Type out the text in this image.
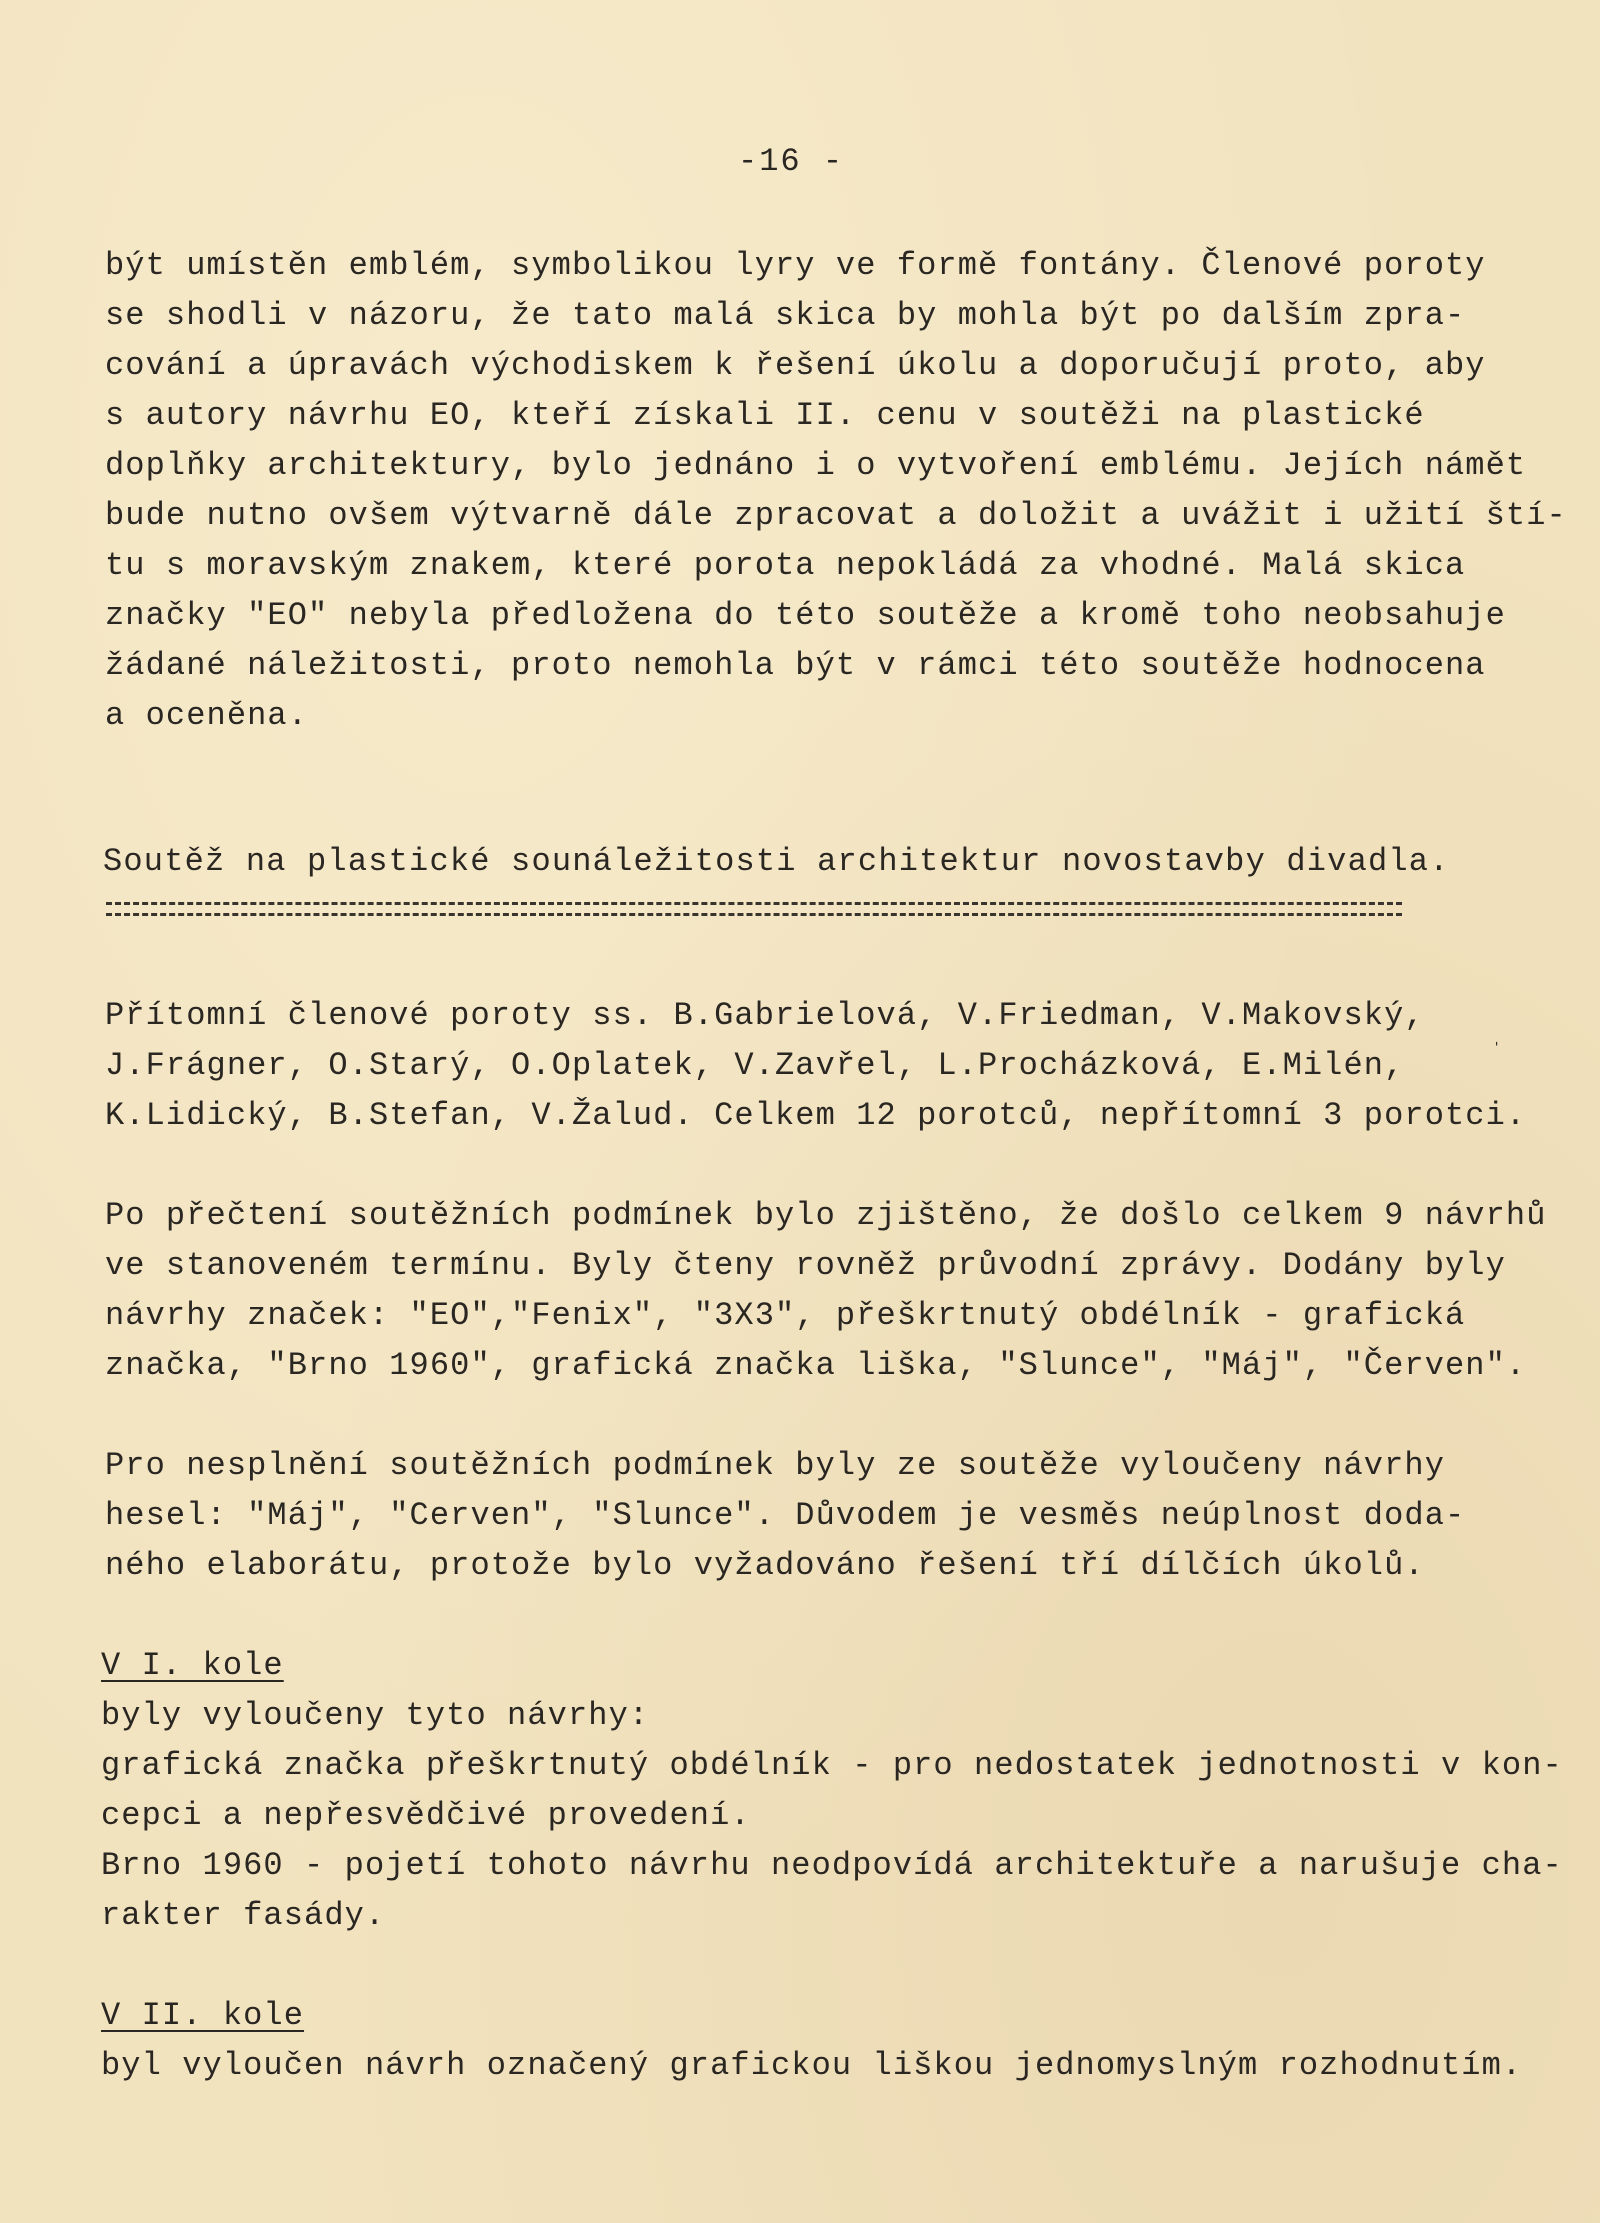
-16 -
být umístěn emblém, symbolikou lyry ve formě fontány. Členové poroty
se shodli v názoru, že tato malá skica by mohla být po dalším zpra-
cování a úpravách východiskem k řešení úkolu a doporučují proto, aby
s autory návrhu EO, kteří získali II. cenu v soutěži na plastické
doplňky architektury, bylo jednáno i o vytvoření emblému. Jejích námět
bude nutno ovšem výtvarně dále zpracovat a doložit a uvážit i užití ští-
tu s moravským znakem, které porota nepokládá za vhodné. Malá skica
značky "EO" nebyla předložena do této soutěže a kromě toho neobsahuje
žádané náležitosti, proto nemohla být v rámci této soutěže hodnocena
a oceněna.
Soutěž na plastické sounáležitosti architektur novostavby divadla.
Přítomní členové poroty ss. B.Gabrielová, V.Friedman, V.Makovský,
J.Frágner, O.Starý, O.Oplatek, V.Zavřel, L.Procházková, E.Milén,
K.Lidický, B.Stefan, V.Žalud. Celkem 12 porotců, nepřítomní 3 porotci.
ˈ
Po přečtení soutěžních podmínek bylo zjištěno, že došlo celkem 9 návrhů
ve stanoveném termínu. Byly čteny rovněž průvodní zprávy. Dodány byly
návrhy značek: "EO","Fenix", "3X3", přeškrtnutý obdélník - grafická
značka, "Brno 1960", grafická značka liška, "Slunce", "Máj", "Červen".
Pro nesplnění soutěžních podmínek byly ze soutěže vyloučeny návrhy
hesel: "Máj", "Cerven", "Slunce". Důvodem je vesměs neúplnost doda-
ného elaborátu, protože bylo vyžadováno řešení tří dílčích úkolů.
V I. kole
byly vyloučeny tyto návrhy:
grafická značka přeškrtnutý obdélník - pro nedostatek jednotnosti v kon-
cepci a nepřesvědčivé provedení.
Brno 1960 - pojetí tohoto návrhu neodpovídá architektuře a narušuje cha-
rakter fasády.
V II. kole
byl vyloučen návrh označený grafickou liškou jednomyslným rozhodnutím.
